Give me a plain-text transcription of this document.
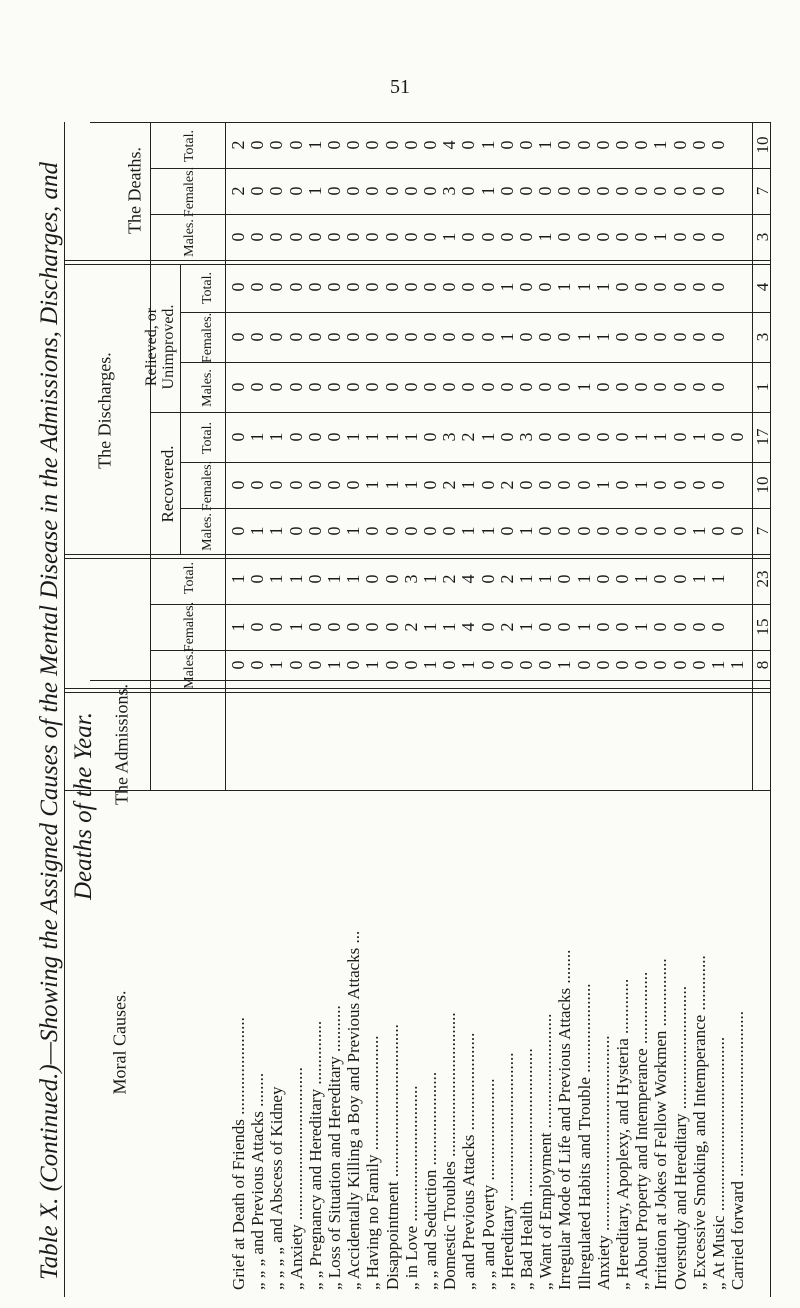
51
Table X. (Continued.)—Showing the Assigned Causes of the Mental Disease in the Admissions, Discharges, and Deaths of the Year.
The Deaths.
The Discharges.
Relieved, or Unimproved.
Recovered.
The Admissions.
Moral Causes.
Total.
Females.
Males.
Total.
Females.
Males.
Total.
Females.
Males.
Total.
Females.
Males.
2 0 0 0 1 0 0 0 0 0 0 4 0 1 0 0 1 0 0 0 0 0 1 0 0 0 10
2 0 0 0 1 0 0 0 0 0 0 3 0 1 0 0 0 0 0 0 0 0 0 0 0 0 7
0 0 0 0 0 0 0 0 0 0 0 1 0 0 0 0 1 0 0 0 0 0 1 0 0 0 3
0 0 0 0 0 0 0 0 0 0 0 0 0 0 1 0 0 1 1 1 0 0 0 0 0 0 4
0 0 0 0 0 0 0 0 0 0 0 0 0 0 1 0 0 0 1 1 0 0 0 0 0 0 3
0 0 0 0 0 0 0 0 0 0 0 0 0 0 0 0 0 0 1 0 0 0 0 0 0 0 1
0 1 1 0 0 0 1 1 1 1 0 3 2 1 0 3 0 0 0 0 0 1 1 0 1 0 0 17
0 0 0 0 0 0 0 1 1 1 0 2 1 0 2 0 0 0 0 1 0 1 0 0 0 0 10
0 1 1 0 0 0 1 0 0 0 0 0 1 1 0 1 0 0 0 0 0 0 0 0 1 0 0 7
1 0 1 1 0 1 1 0 0 3 1 2 4 0 2 1 1 0 1 0 0 1 0 0 1 1 23
1 0 0 1 0 0 0 0 0 2 1 1 4 0 2 1 0 0 1 0 0 1 0 0 0 0 15
0 0 1 0 0 1 0 1 0 0 1 0 1 0 0 0 0 1 0 0 0 0 0 0 0 1 1 8
Grief at Death of Friends ....................... „ „ „ and Previous Attacks ........ „ „ „ „ and Abscess of Kidney „ Anxiety .................................... „ „ Pregnancy and Hereditary ............... „ Loss of Situation and Hereditary ........... „ Accidentally Killing a Boy and Previous Attacks ... „ Having no Family ........................... Disappointment .................................... „ in Love ................................ „ „ and Seduction ...................... Domestic Troubles .................................. „ and Previous Attacks ....................... „ „ and Poverty ........................ „ Hereditary ................................... „ Bad Health ................................... „ Want of Employment ........................... Irregular Mode of Life and Previous Attacks ........ Illregulated Habits and Trouble ..................... Anxiety .............................................. „ Hereditary, Apoplexy, and Hysteria ............. „ About Property and Intemperance ................. Irritation at Jokes of Fellow Workmen ................ Overstudy and Hereditary ............................. „ Excessive Smoking, and Intemperance ............. „ At Music ......................................... Carried forward .......................................
